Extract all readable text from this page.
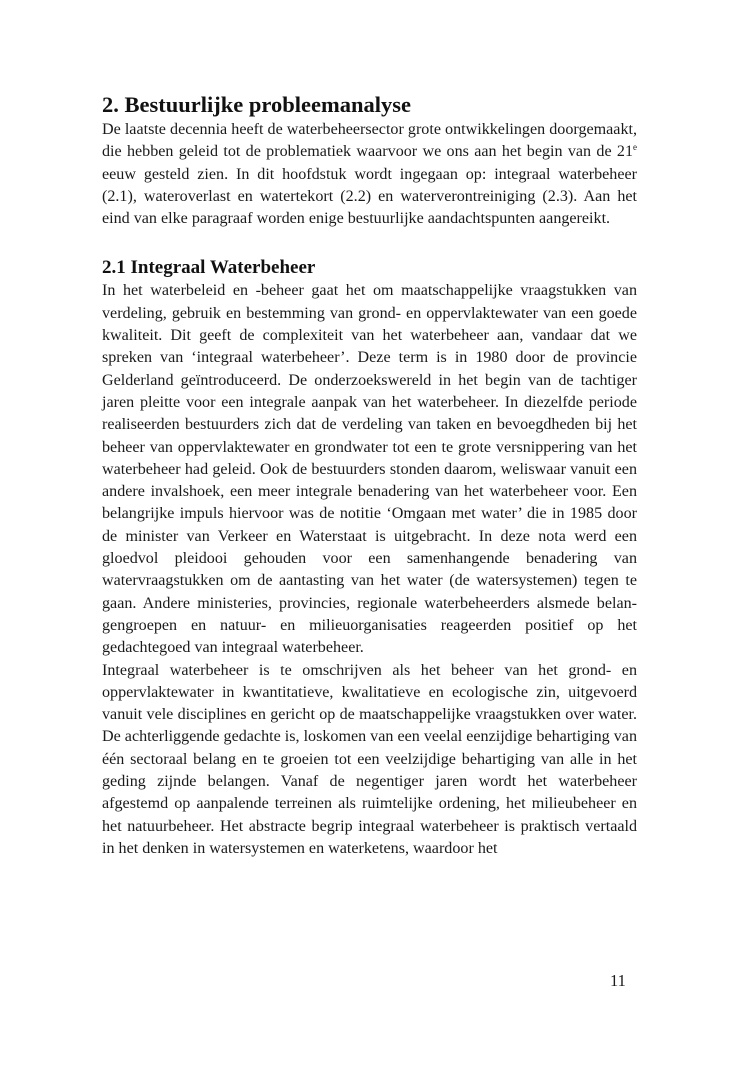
2. Bestuurlijke probleemanalyse

De laatste decennia heeft de waterbeheersector grote ontwikkelingen doorgemaakt, die hebben geleid tot de problematiek waarvoor we ons aan het begin van de 21e eeuw gesteld zien. In dit hoofdstuk wordt ingegaan op: integraal waterbeheer (2.1), wateroverlast en watertekort (2.2) en waterverontreiniging (2.3). Aan het eind van elke paragraaf worden enige bestuurlijke aandachtspunten aangereikt.

2.1 Integraal Waterbeheer

In het waterbeleid en -beheer gaat het om maatschappelijke vraagstukken van verdeling, gebruik en bestemming van grond- en oppervlaktewater van een goede kwaliteit. Dit geeft de complexiteit van het waterbeheer aan, vandaar dat we spreken van ‘integraal waterbeheer’. Deze term is in 1980 door de provincie Gelderland geïntroduceerd. De onderzoekswereld in het begin van de tachtiger jaren pleitte voor een integrale aanpak van het waterbeheer. In diezelfde periode realiseerden bestuurders zich dat de verdeling van taken en bevoegdheden bij het beheer van oppervlaktewater en grondwater tot een te grote versnippering van het waterbeheer had geleid. Ook de bestuurders stonden daarom, weliswaar vanuit een andere invalshoek, een meer integrale benadering van het waterbeheer voor. Een belangrijke impuls hiervoor was de notitie ‘Omgaan met water’ die in 1985 door de minister van Verkeer en Waterstaat is uitgebracht. In deze nota werd een gloedvol pleidooi gehouden voor een samenhangende benadering van watervraagstukken om de aantasting van het water (de watersystemen) tegen te gaan. Andere ministeries, provincies, regionale waterbeheerders alsmede belangengroepen en natuur- en milieuorganisaties reageerden positief op het gedachtegoed van integraal waterbeheer.

Integraal waterbeheer is te omschrijven als het beheer van het grond- en oppervlaktewater in kwantitatieve, kwalitatieve en ecologische zin, uitgevoerd vanuit vele disciplines en gericht op de maatschappelijke vraagstukken over water. De achterliggende gedachte is, loskomen van een veelal eenzijdige behartiging van één sectoraal belang en te groeien tot een veelzijdige behartiging van alle in het geding zijnde belangen. Vanaf de negentiger jaren wordt het waterbeheer afgestemd op aanpalende terreinen als ruimtelijke ordening, het milieubeheer en het natuurbeheer. Het abstracte begrip integraal waterbeheer is praktisch vertaald in het denken in watersystemen en waterketens, waardoor het

11
